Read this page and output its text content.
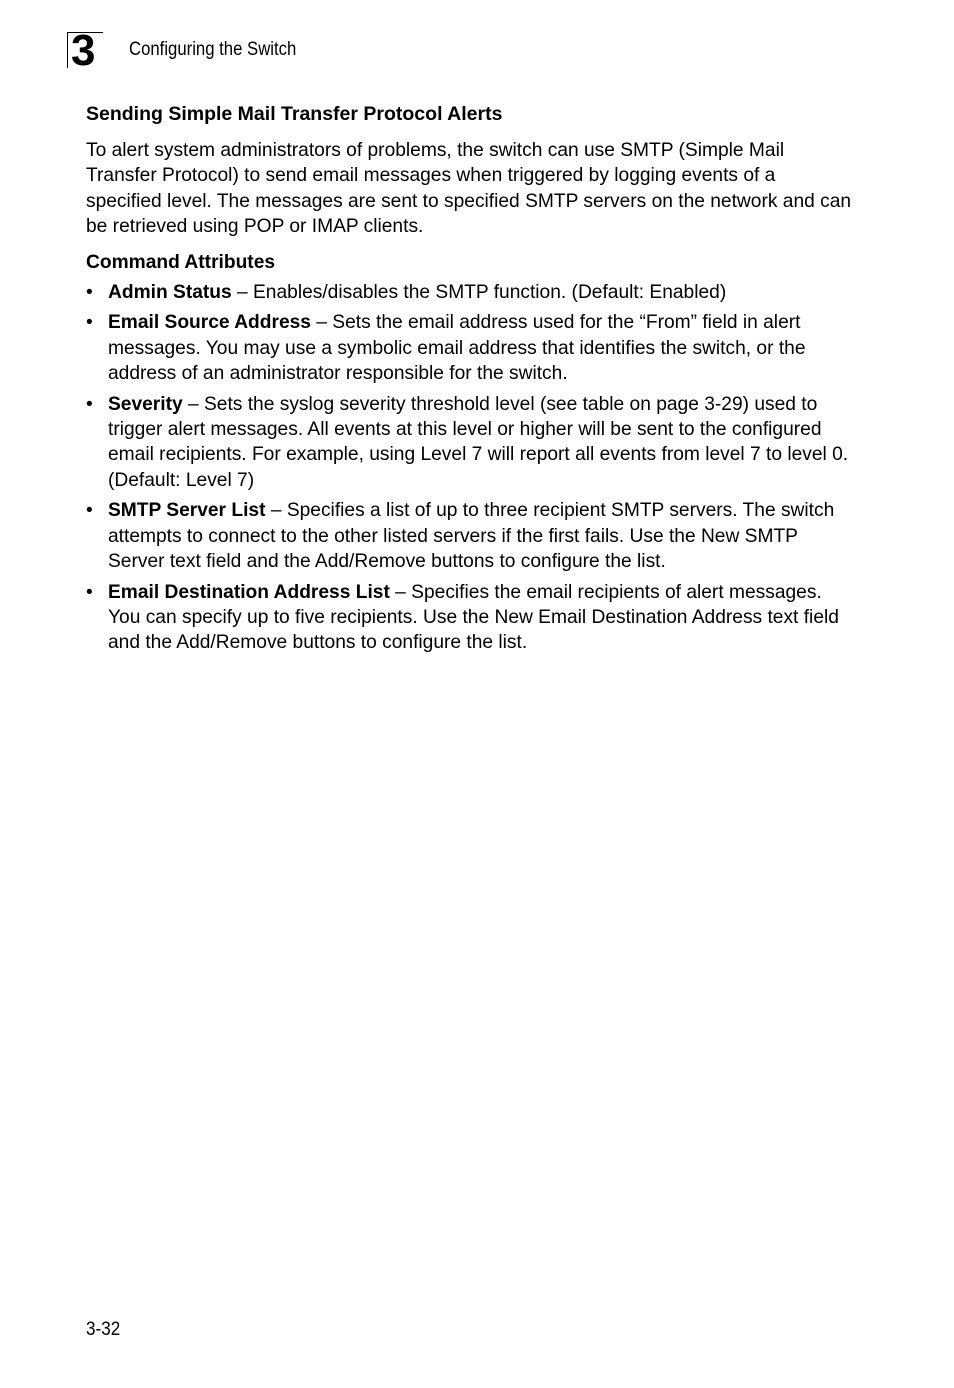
3 Configuring the Switch
Sending Simple Mail Transfer Protocol Alerts

To alert system administrators of problems, the switch can use SMTP (Simple Mail Transfer Protocol) to send email messages when triggered by logging events of a specified level. The messages are sent to specified SMTP servers on the network and can be retrieved using POP or IMAP clients.

Command Attributes
• Admin Status – Enables/disables the SMTP function. (Default: Enabled)
• Email Source Address – Sets the email address used for the “From” field in alert messages. You may use a symbolic email address that identifies the switch, or the address of an administrator responsible for the switch.
• Severity – Sets the syslog severity threshold level (see table on page 3-29) used to trigger alert messages. All events at this level or higher will be sent to the configured email recipients. For example, using Level 7 will report all events from level 7 to level 0. (Default: Level 7)
• SMTP Server List – Specifies a list of up to three recipient SMTP servers. The switch attempts to connect to the other listed servers if the first fails. Use the New SMTP Server text field and the Add/Remove buttons to configure the list.
• Email Destination Address List – Specifies the email recipients of alert messages. You can specify up to five recipients. Use the New Email Destination Address text field and the Add/Remove buttons to configure the list.
3-32
